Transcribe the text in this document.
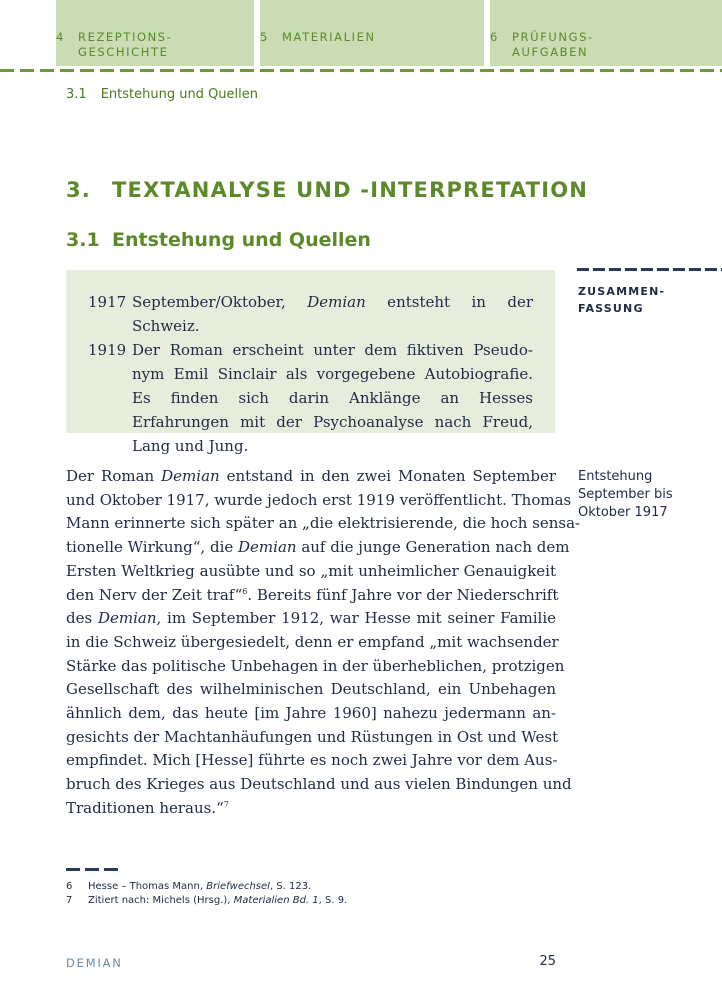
4 REZEPTIONS-
GESCHICHTE
5 MATERIALIEN	6 PRÜFUNGS-
AUFGABEN
3.1 Entstehung und Quellen
3. TEXTANALYSE UND -INTERPRETATION
3.1 Entstehung und Quellen
1917 September/Oktober, Demian entsteht in der Schweiz.
1919 Der Roman erscheint unter dem fiktiven Pseudo-nym Emil Sinclair als vorgegebene Autobiografie. Es finden sich darin Anklänge an Hesses Erfahrungen mit der Psychoanalyse nach Freud, Lang und Jung.
ZUSAMMEN-
FASSUNG
Entstehung
September bis
Oktober 1917
Der Roman Demian entstand in den zwei Monaten September
und Oktober 1917, wurde jedoch erst 1919 veröffentlicht. Thomas
Mann erinnerte sich später an „die elektrisierende, die hoch sensa-
tionelle Wirkung“, die Demian auf die junge Generation nach dem
Ersten Weltkrieg ausübte und so „mit unheimlicher Genauigkeit
den Nerv der Zeit traf“$^6$. Bereits fünf Jahre vor der Niederschrift
des Demian, im September 1912, war Hesse mit seiner Familie
in die Schweiz übergesiedelt, denn er empfand „mit wachsender
Stärke das politische Unbehagen in der überheblichen, protzigen
Gesellschaft des wilhelminischen Deutschland, ein Unbehagen
ähnlich dem, das heute [im Jahre 1960] nahezu jedermann an-
gesichts der Machtanhäufungen und Rüstungen in Ost und West
empfindet. Mich [Hesse] führte es noch zwei Jahre vor dem Aus-
bruch des Krieges aus Deutschland und aus vielen Bindungen und
Traditionen heraus.“$^7$
6	Hesse – Thomas Mann, Briefwechsel, S. 123.
7	Zitiert nach: Michels (Hrsg.), Materialien Bd. 1, S. 9.
DEMIAN	25
